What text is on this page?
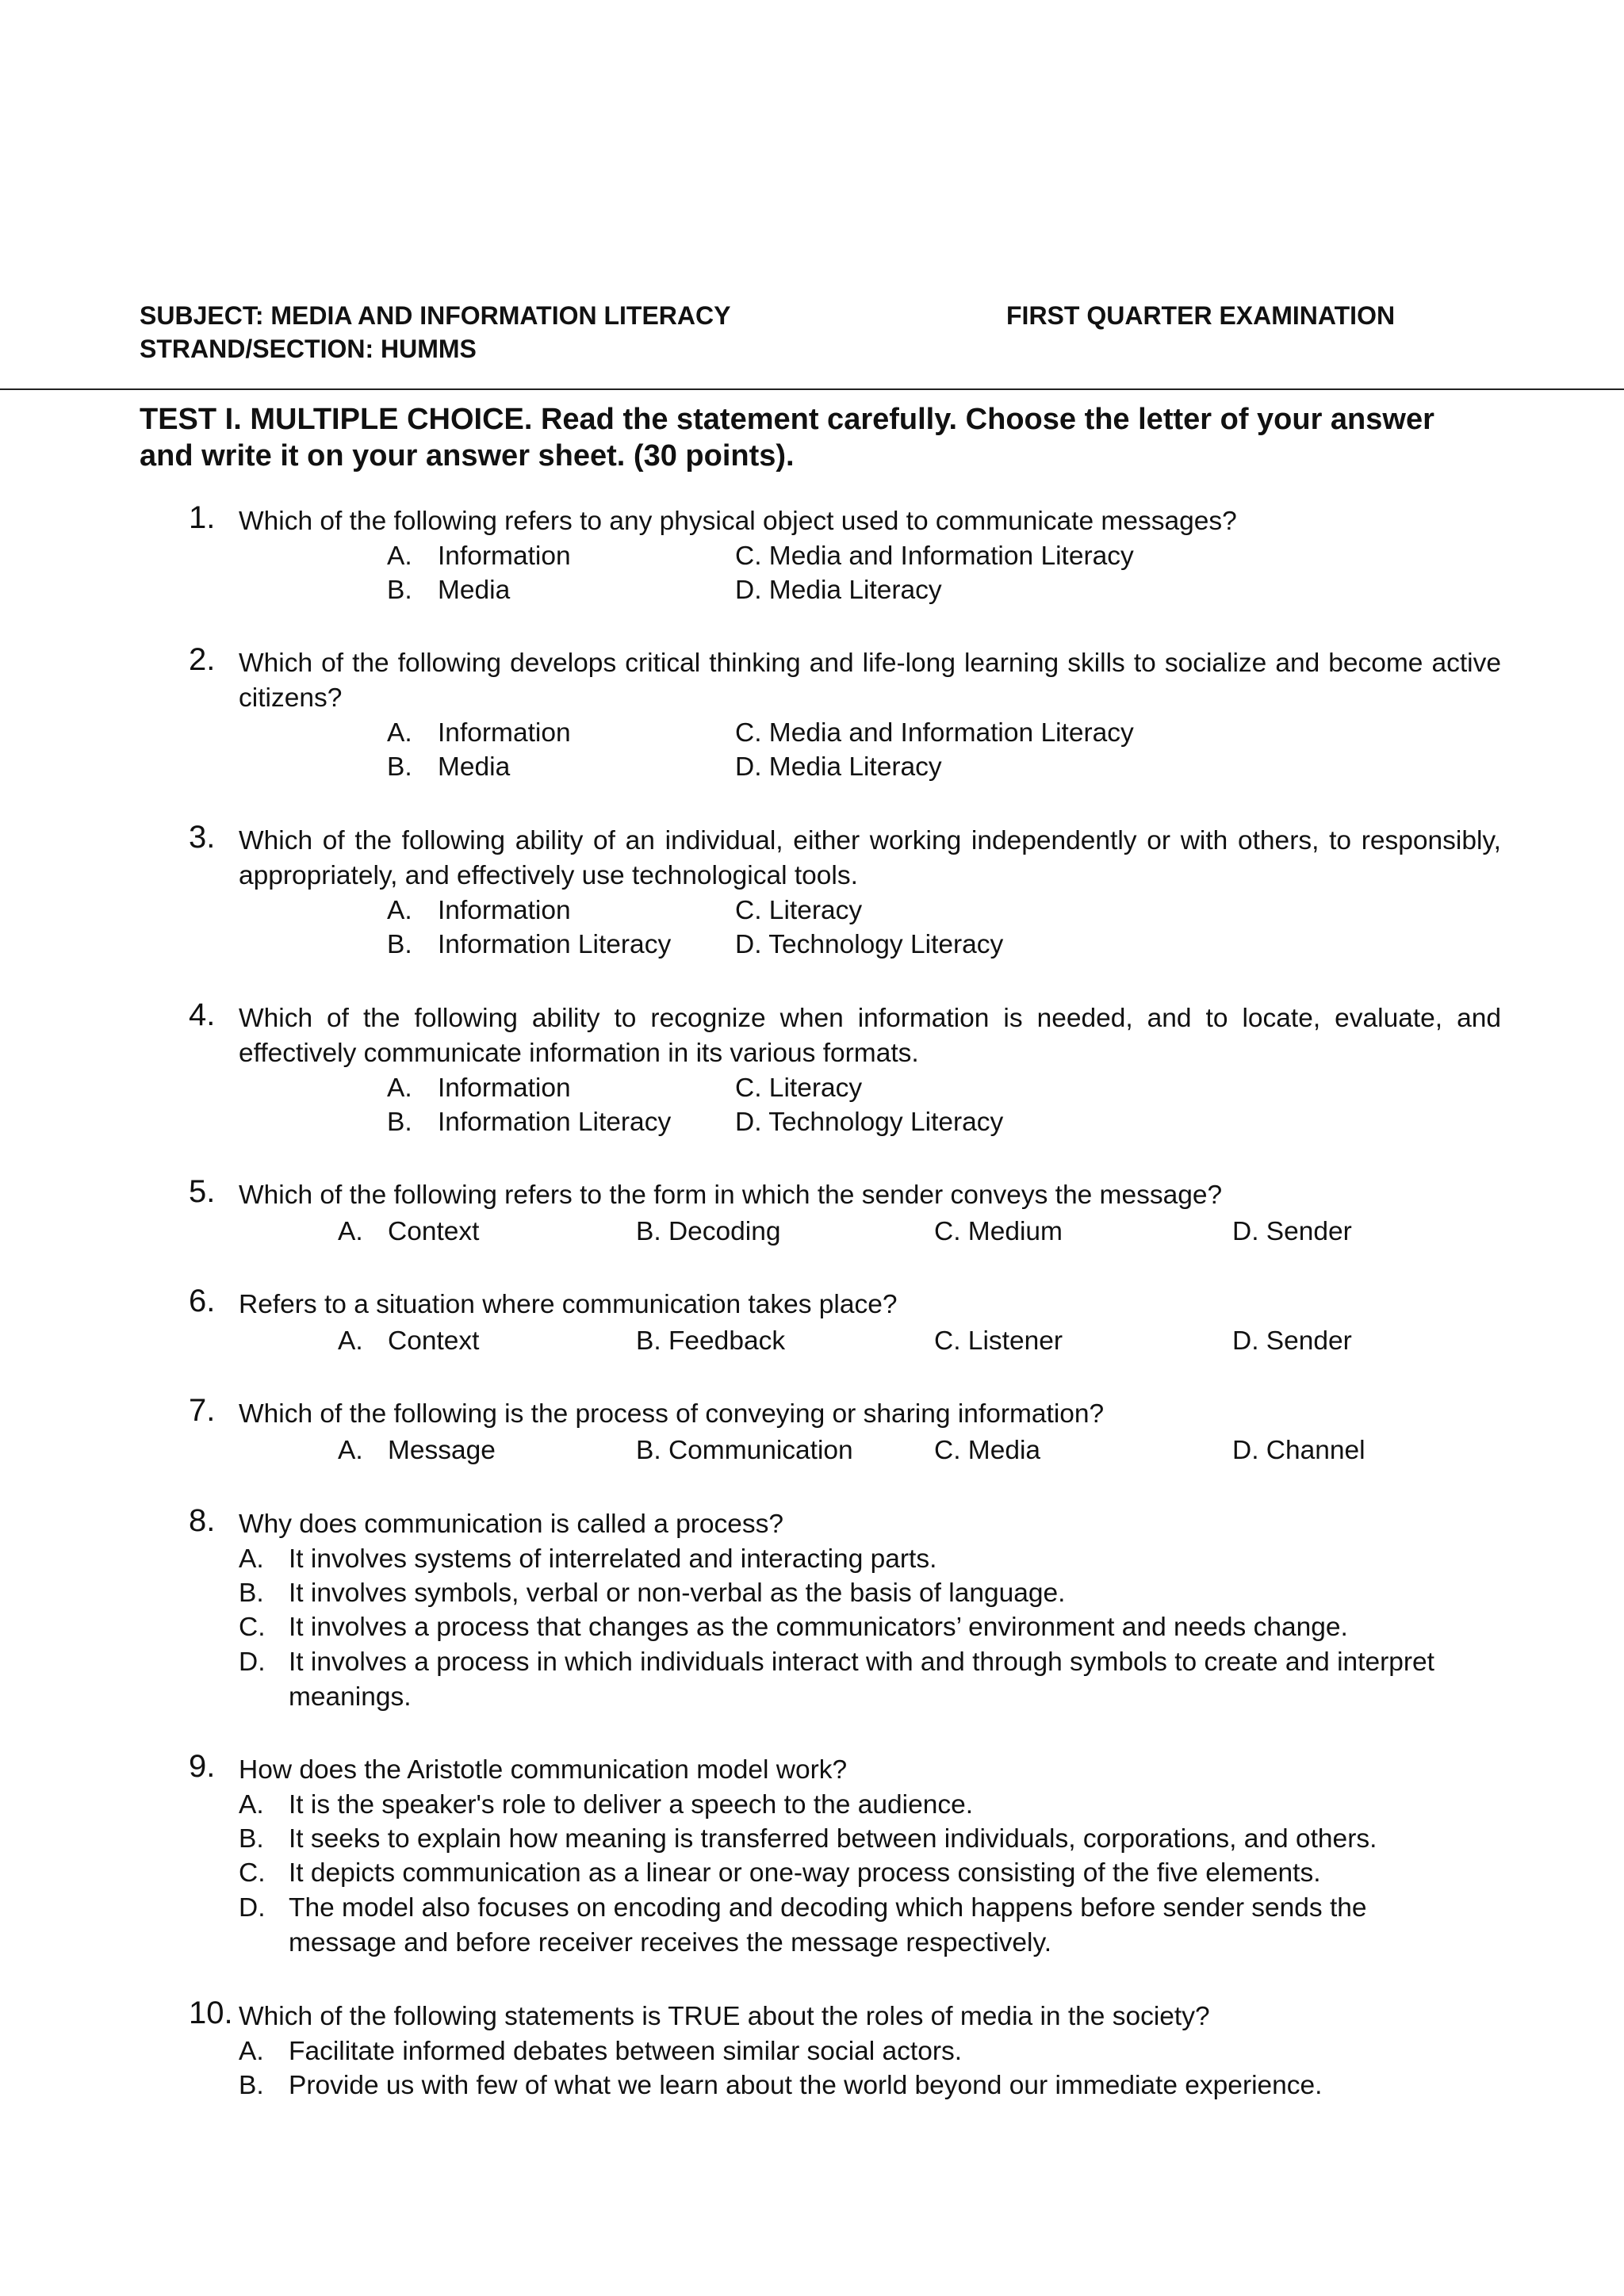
SUBJECT: MEDIA AND INFORMATION LITERACY	FIRST QUARTER EXAMINATION
STRAND/SECTION: HUMMS
TEST I. MULTIPLE CHOICE. Read the statement carefully. Choose the letter of your answer
and write it on your answer sheet. (30 points).
1. Which of the following refers to any physical object used to communicate messages?
A. Information	C. Media and Information Literacy
B. Media	D. Media Literacy
2. Which of the following develops critical thinking and life-long learning skills to socialize and become active citizens?
A. Information	C. Media and Information Literacy
B. Media	D. Media Literacy
3. Which of the following ability of an individual, either working independently or with others, to responsibly, appropriately, and effectively use technological tools.
A. Information	C. Literacy
B. Information Literacy D. Technology Literacy
4. Which of the following ability to recognize when information is needed, and to locate, evaluate, and effectively communicate information in its various formats.
A. Information	C. Literacy
B. Information Literacy D. Technology Literacy
5. Which of the following refers to the form in which the sender conveys the message?
A. Context	B. Decoding	C. Medium	D. Sender
6. Refers to a situation where communication takes place?
A. Context	B. Feedback	C. Listener	D. Sender
7. Which of the following is the process of conveying or sharing information?
A. Message	B. Communication	C. Media	D. Channel
8. Why does communication is called a process?
A. It involves systems of interrelated and interacting parts.
B. It involves symbols, verbal or non-verbal as the basis of language.
C. It involves a process that changes as the communicators’ environment and needs change.
D. It involves a process in which individuals interact with and through symbols to create and interpret meanings.
9. How does the Aristotle communication model work?
A. It is the speaker's role to deliver a speech to the audience.
B. It seeks to explain how meaning is transferred between individuals, corporations, and others.
C. It depicts communication as a linear or one-way process consisting of the five elements.
D. The model also focuses on encoding and decoding which happens before sender sends the message and before receiver receives the message respectively.
10. Which of the following statements is TRUE about the roles of media in the society?
A. Facilitate informed debates between similar social actors.
B. Provide us with few of what we learn about the world beyond our immediate experience.
